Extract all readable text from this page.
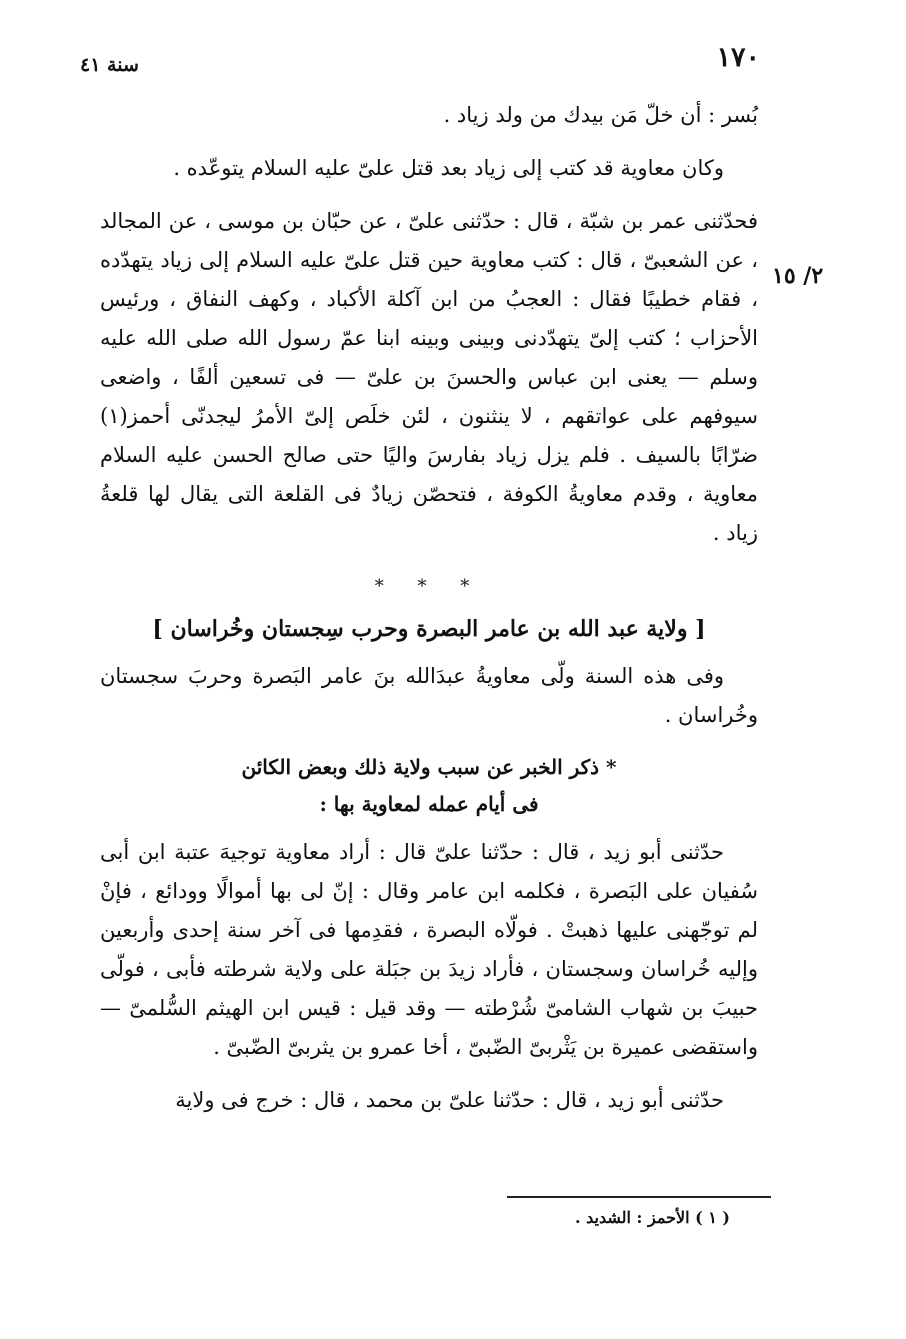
١٧٠
سنة ٤١
٢/ ١٥

بُسر : أن خلّ مَن بيدك من ولد زياد .

وكان معاوية قد كتب إلى زياد بعد قتل علىّ عليه السلام يتوعّده .

فحدّثنى عمر بن شبّة ، قال : حدّثنى علىّ ، عن حبّان بن موسى ، عن المجالد ، عن الشعبىّ ، قال : كتب معاوية حين قتل علىّ عليه السلام إلى زياد يتهدّده ، فقام خطيبًا فقال : العجبُ من ابن آكلة الأكباد ، وكهف النفاق ، ورئيس الأحزاب ؛ كتب إلىّ يتهدّدنى وبينى وبينه ابنا عمّ رسول الله صلى الله عليه وسلم — يعنى ابن عباس والحسنَ بن علىّ — فى تسعين ألفًا ، واضعى سيوفهم على عواتقهم ، لا ينثنون ، لئن خلَص إلىّ الأمرُ ليجدنّى أحمز(١) ضرّابًا بالسيف . فلم يزل زياد بفارسَ واليًا حتى صالح الحسن عليه السلام معاوية ، وقدم معاويةُ الكوفة ، فتحصّن زيادٌ فى القلعة التى يقال لها قلعةُ زياد .

* * *
[ ولاية عبد الله بن عامر البصرة وحرب سِجستان وخُراسان ]

وفى هذه السنة ولّى معاويةُ عبدَالله بنَ عامر البَصرة وحربَ سجستان وخُراسان .

* ذكر الخبر عن سبب ولاية ذلك وبعض الكائن
فى أيام عمله لمعاوية بها :

حدّثنى أبو زيد ، قال : حدّثنا علىّ قال : أراد معاوية توجيهَ عتبة ابن أبى سُفيان على البَصرة ، فكلمه ابن عامر وقال : إنّ لى بها أموالًا وودائع ، فإنْ لم توجّهنى عليها ذهبتْ . فولّاه البصرة ، فقدِمها فى آخر سنة إحدى وأربعين وإليه خُراسان وسجستان ، فأراد زيدَ بن جبَلة على ولاية شرطته فأبى ، فولّى حبيبَ بن شهاب الشامىّ شُرْطته — وقد قيل : قيس ابن الهيثم السُّلمىّ — واستقضى عميرة بن يَثْربىّ الضّبىّ ، أخا عمرو بن يثربىّ الضّبىّ .

حدّثنى أبو زيد ، قال : حدّثنا علىّ بن محمد ، قال : خرج فى ولاية

( ١ ) الأحمز : الشديد .
